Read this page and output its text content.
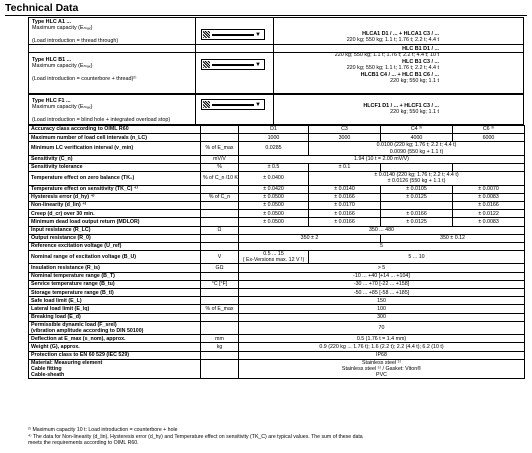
Technical Data
Type HLC A1 ...
Maximum capacity (Eₘₐₓ)

(Load introduction = thread through)
▼	HLCA1 D1 / ... + HLCA1 C3 / ...
220 kg; 550 kg; 1.1 t; 1.76 t; 2.2 t; 4.4 t
Type HLC B1 ...
Maximum capacity (Eₘₐₓ)

(Load introduction = counterbore + thread)²⁾
▼
HLC B1 D1 / ...
220 kg; 550 kg; 1.1 t; 1.76 t; 2.2 t; 4.4 t; 10 t
HLC B1 C3 / ...
220 kg; 550 kg; 1.1 t; 1.76 t; 2.2 t; 4.4 t
HLCB1 C4 / ... + HLC B1 C6 / ...
220 kg; 550 kg; 1.1 t
Type HLC F1 ...
Maximum capacity (Eₘₐₓ)

(Load introduction = blind hole + integrated overload stop)
▼	HLCF1 D1 / ... + HLCF1 C3 / ...
220 kg; 550 kg; 1.1 t
Accuracy class according to OIML R60		D1	C3	C4 ³⁾	C6 ³⁾
Maximum number of load cell intervals (n_LC)		1000	3000	4000	6000
Minimum LC verification interval (v_min)	% of E_max	0.0285	0.0100 (220 kg; 1.76 t; 2.2 t; 4.4 t)
0.0090 (550 kg + 1.1 t)		
Sensitivity (C_n)	mV/V	1.94 (10 t = 2.00 mV/V)			
Sensitivity tolerance	%	± 0.5	± 0.1		
Temperature effect on zero balance (TK₀)	% of C_n /10 K	± 0.0400	± 0.0140 (220 kg; 1.76 t; 2.2 t; 4.4 t)
± 0.0126 (550 kg + 1.1 t)		
Temperature effect on sensitivity (TK_C) ⁴⁾		± 0.0420	± 0.0140	± 0.0105	± 0.0070
Hysteresis error (d_hy) ⁴⁾	% of C_n	± 0.0500	± 0.0166	± 0.0125	± 0.0083
Non-linearity (d_lin) ⁴⁾		± 0.0500	± 0.0170		± 0.0166
Creep (d_cr) over 30 min.		± 0.0500	± 0.0166	± 0.0166	± 0.0122
Minimum dead load output return (MDLOR)		± 0.0500	± 0.0166	± 0.0125	± 0.0083
Input resistance (R_LC)	Ω	350 ... 480			
Output resistance (R_0)		350 ± 2		350 ± 0.12	
Reference excitation voltage (U_ref)		5			
Nominal range of excitation voltage (B_U)	V	0.5 ... 15
( Ex-Versions max. 12 V !)	5 ... 10		
Insulation resistance (R_is)	GΩ	> 5			
Nominal temperature range (B_T)		-10 ... +40 [+14 ... +104]			
Service temperature range (B_tu)	°C [°F]	-30 ... +70 [-22 ... +158]			
Storage temperature range (B_tl)		-50 ... +85 [-58 ... +185]			
Safe load limit (E_L)		150			
Lateral load limit (E_lq)	% of E_max	100			
Breaking load (E_d)		300			
Permissible dynamic load (F_srel)
(vibration amplitude according to DIN 50100)		70			
Deflection at E_max (s_nom), approx.	mm	0.5 (1.76 t = 1.4 mm)			
Weight (G), approx.	kg	0.9 (220 kg ... 1.76 t); 1.6 (2.2 t); 2.2 (4.4 t); 6.2 (10 t)			
Protection class to EN 60 529 (IEC 529)		IP68			
Material: Measuring element
Cable fitting
Cable-sheath		Stainless steel ⁵⁾
Stainless steel ⁵⁾ / Gasket: Viton®
PVC			
²⁾ Maximum capacity 10 t: Load introduction = counterbore + hole
⁴⁾ The data for Non-linearity (d_lin), Hysteresis error (d_hy) and Temperature effect on sensitivity (TK_C) are typical values. The sum of these data
meets the requirements according to OIML R60.
